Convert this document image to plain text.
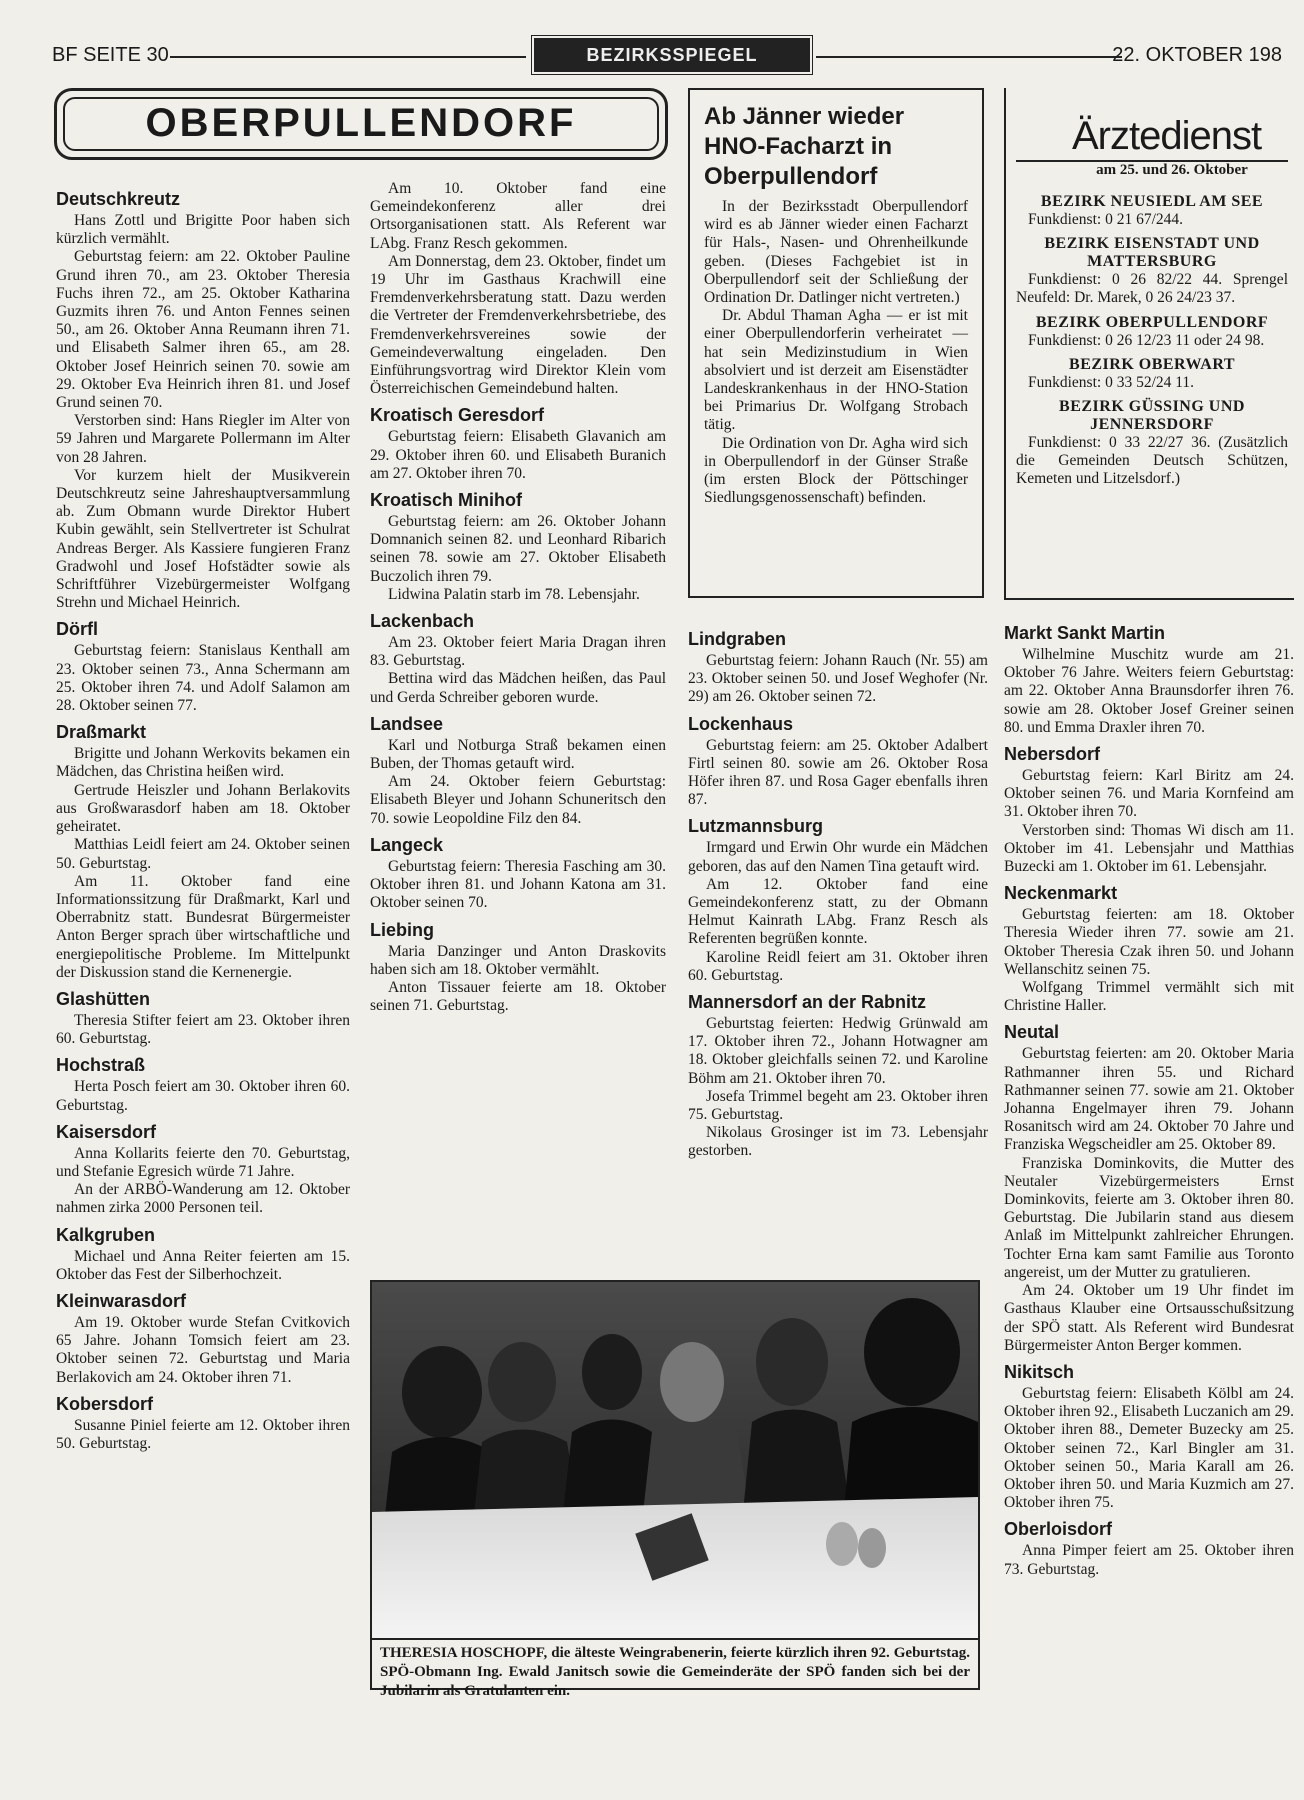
BF SEITE 30	BEZIRKSSPIEGEL	22. OKTOBER 198
OBERPULLENDORF
Deutschkreutz

Hans Zottl und Brigitte Poor haben sich kürzlich vermählt.

Geburtstag feiern: am 22. Oktober Pauline Grund ihren 70., am 23. Oktober Theresia Fuchs ihren 72., am 25. Oktober Katharina Guzmits ihren 76. und Anton Fennes seinen 50., am 26. Oktober Anna Reumann ihren 71. und Elisabeth Salmer ihren 65., am 28. Oktober Josef Heinrich seinen 70. sowie am 29. Oktober Eva Heinrich ihren 81. und Josef Grund seinen 70.

Verstorben sind: Hans Riegler im Alter von 59 Jahren und Margarete Pollermann im Alter von 28 Jahren.

Vor kurzem hielt der Musikverein Deutschkreutz seine Jahreshauptversammlung ab. Zum Obmann wurde Direktor Hubert Kubin gewählt, sein Stellvertreter ist Schulrat Andreas Berger. Als Kassiere fungieren Franz Gradwohl und Josef Hofstädter sowie als Schriftführer Vizebürgermeister Wolfgang Strehn und Michael Heinrich.

Dörfl

Geburtstag feiern: Stanislaus Kenthall am 23. Oktober seinen 73., Anna Schermann am 25. Oktober ihren 74. und Adolf Salamon am 28. Oktober seinen 77.

Draßmarkt

Brigitte und Johann Werkovits bekamen ein Mädchen, das Christina heißen wird.

Gertrude Heiszler und Johann Berlakovits aus Großwarasdorf haben am 18. Oktober geheiratet.

Matthias Leidl feiert am 24. Oktober seinen 50. Geburtstag.

Am 11. Oktober fand eine Informationssitzung für Draßmarkt, Karl und Oberrabnitz statt. Bundesrat Bürgermeister Anton Berger sprach über wirtschaftliche und energiepolitische Probleme. Im Mittelpunkt der Diskussion stand die Kernenergie.

Glashütten

Theresia Stifter feiert am 23. Oktober ihren 60. Geburtstag.

Hochstraß

Herta Posch feiert am 30. Oktober ihren 60. Geburtstag.

Kaisersdorf

Anna Kollarits feierte den 70. Geburtstag, und Stefanie Egresich würde 71 Jahre.

An der ARBÖ-Wanderung am 12. Oktober nahmen zirka 2000 Personen teil.

Kalkgruben

Michael und Anna Reiter feierten am 15. Oktober das Fest der Silberhochzeit.

Kleinwarasdorf

Am 19. Oktober wurde Stefan Cvitkovich 65 Jahre. Johann Tomsich feiert am 23. Oktober seinen 72. Geburtstag und Maria Berlakovich am 24. Oktober ihren 71.

Kobersdorf

Susanne Piniel feierte am 12. Oktober ihren 50. Geburtstag.

Am 10. Oktober fand eine Gemeindekonferenz aller drei Ortsorganisationen statt. Als Referent war LAbg. Franz Resch gekommen.

Am Donnerstag, dem 23. Oktober, findet um 19 Uhr im Gasthaus Krachwill eine Fremdenverkehrsberatung statt. Dazu werden die Vertreter der Fremdenverkehrsbetriebe, des Fremdenverkehrsvereines sowie der Gemeindeverwaltung eingeladen. Den Einführungsvortrag wird Direktor Klein vom Österreichischen Gemeindebund halten.

Kroatisch Geresdorf

Geburtstag feiern: Elisabeth Glavanich am 29. Oktober ihren 60. und Elisabeth Buranich am 27. Oktober ihren 70.

Kroatisch Minihof

Geburtstag feiern: am 26. Oktober Johann Domnanich seinen 82. und Leonhard Ribarich seinen 78. sowie am 27. Oktober Elisabeth Buczolich ihren 79.

Lidwina Palatin starb im 78. Lebensjahr.

Lackenbach

Am 23. Oktober feiert Maria Dragan ihren 83. Geburtstag.

Bettina wird das Mädchen heißen, das Paul und Gerda Schreiber geboren wurde.

Landsee

Karl und Notburga Straß bekamen einen Buben, der Thomas getauft wird.

Am 24. Oktober feiern Geburtstag: Elisabeth Bleyer und Johann Schuneritsch den 70. sowie Leopoldine Filz den 84.

Langeck

Geburtstag feiern: Theresia Fasching am 30. Oktober ihren 81. und Johann Katona am 31. Oktober seinen 70.

Liebing

Maria Danzinger und Anton Draskovits haben sich am 18. Oktober vermählt.

Anton Tissauer feierte am 18. Oktober seinen 71. Geburtstag.

Ab Jänner wieder HNO-Facharzt in Oberpullendorf

In der Bezirksstadt Oberpullendorf wird es ab Jänner wieder einen Facharzt für Hals-, Nasen- und Ohrenheilkunde geben. (Dieses Fachgebiet ist in Oberpullendorf seit der Schließung der Ordination Dr. Datlinger nicht vertreten.)

Dr. Abdul Thaman Agha — er ist mit einer Oberpullendorferin verheiratet — hat sein Medizinstudium in Wien absolviert und ist derzeit am Eisenstädter Landeskrankenhaus in der HNO-Station bei Primarius Dr. Wolfgang Strobach tätig.

Die Ordination von Dr. Agha wird sich in Oberpullendorf in der Günser Straße (im ersten Block der Pöttschinger Siedlungsgenossenschaft) befinden.

Ärztedienst
am 25. und 26. Oktober
BEZIRK NEUSIEDL AM SEE

Funkdienst: 0 21 67/244.

BEZIRK EISENSTADT UND MATTERSBURG

Funkdienst: 0 26 82/22 44. Sprengel Neufeld: Dr. Marek, 0 26 24/23 37.

BEZIRK OBERPULLENDORF

Funkdienst: 0 26 12/23 11 oder 24 98.

BEZIRK OBERWART

Funkdienst: 0 33 52/24 11.

BEZIRK GÜSSING UND JENNERSDORF

Funkdienst: 0 33 22/27 36. (Zusätzlich die Gemeinden Deutsch Schützen, Kemeten und Litzelsdorf.)

Lindgraben

Geburtstag feiern: Johann Rauch (Nr. 55) am 23. Oktober seinen 50. und Josef Weghofer (Nr. 29) am 26. Oktober seinen 72.

Lockenhaus

Geburtstag feiern: am 25. Oktober Adalbert Firtl seinen 80. sowie am 26. Oktober Rosa Höfer ihren 87. und Rosa Gager ebenfalls ihren 87.

Lutzmannsburg

Irmgard und Erwin Ohr wurde ein Mädchen geboren, das auf den Namen Tina getauft wird.

Am 12. Oktober fand eine Gemeindekonferenz statt, zu der Obmann Helmut Kainrath LAbg. Franz Resch als Referenten begrüßen konnte.

Karoline Reidl feiert am 31. Oktober ihren 60. Geburtstag.

Mannersdorf an der Rabnitz

Geburtstag feierten: Hedwig Grünwald am 17. Oktober ihren 72., Johann Hotwagner am 18. Oktober gleichfalls seinen 72. und Karoline Böhm am 21. Oktober ihren 70.

Josefa Trimmel begeht am 23. Oktober ihren 75. Geburtstag.

Nikolaus Grosinger ist im 73. Lebensjahr gestorben.

Markt Sankt Martin

Wilhelmine Muschitz wurde am 21. Oktober 76 Jahre. Weiters feiern Geburtstag: am 22. Oktober Anna Braunsdorfer ihren 76. sowie am 28. Oktober Josef Greiner seinen 80. und Emma Draxler ihren 70.

Nebersdorf

Geburtstag feiern: Karl Biritz am 24. Oktober seinen 76. und Maria Kornfeind am 31. Oktober ihren 70.

Verstorben sind: Thomas Wi disch am 11. Oktober im 41. Lebensjahr und Matthias Buzecki am 1. Oktober im 61. Lebensjahr.

Neckenmarkt

Geburtstag feierten: am 18. Oktober Theresia Wieder ihren 77. sowie am 21. Oktober Theresia Czak ihren 50. und Johann Wellanschitz seinen 75.

Wolfgang Trimmel vermählt sich mit Christine Haller.

Neutal

Geburtstag feierten: am 20. Oktober Maria Rathmanner ihren 55. und Richard Rathmanner seinen 77. sowie am 21. Oktober Johanna Engelmayer ihren 79. Johann Rosanitsch wird am 24. Oktober 70 Jahre und Franziska Wegscheidler am 25. Oktober 89.

Franziska Dominkovits, die Mutter des Neutaler Vizebürgermeisters Ernst Dominkovits, feierte am 3. Oktober ihren 80. Geburtstag. Die Jubilarin stand aus diesem Anlaß im Mittelpunkt zahlreicher Ehrungen. Tochter Erna kam samt Familie aus Toronto angereist, um der Mutter zu gratulieren.

Am 24. Oktober um 19 Uhr findet im Gasthaus Klauber eine Ortsausschußsitzung der SPÖ statt. Als Referent wird Bundesrat Bürgermeister Anton Berger kommen.

Nikitsch

Geburtstag feiern: Elisabeth Kölbl am 24. Oktober ihren 92., Elisabeth Luczanich am 29. Oktober ihren 88., Demeter Buzecky am 25. Oktober seinen 72., Karl Bingler am 31. Oktober seinen 50., Maria Karall am 26. Oktober ihren 50. und Maria Kuzmich am 27. Oktober ihren 75.

Oberloisdorf

Anna Pimper feiert am 25. Oktober ihren 73. Geburtstag.

THERESIA HOSCHOPF, die älteste Weingrabenerin, feierte kürzlich ihren 92. Geburtstag. SPÖ-Obmann Ing. Ewald Janitsch sowie die Gemeinderäte der SPÖ fanden sich bei der Jubilarin als Gratulanten ein.
